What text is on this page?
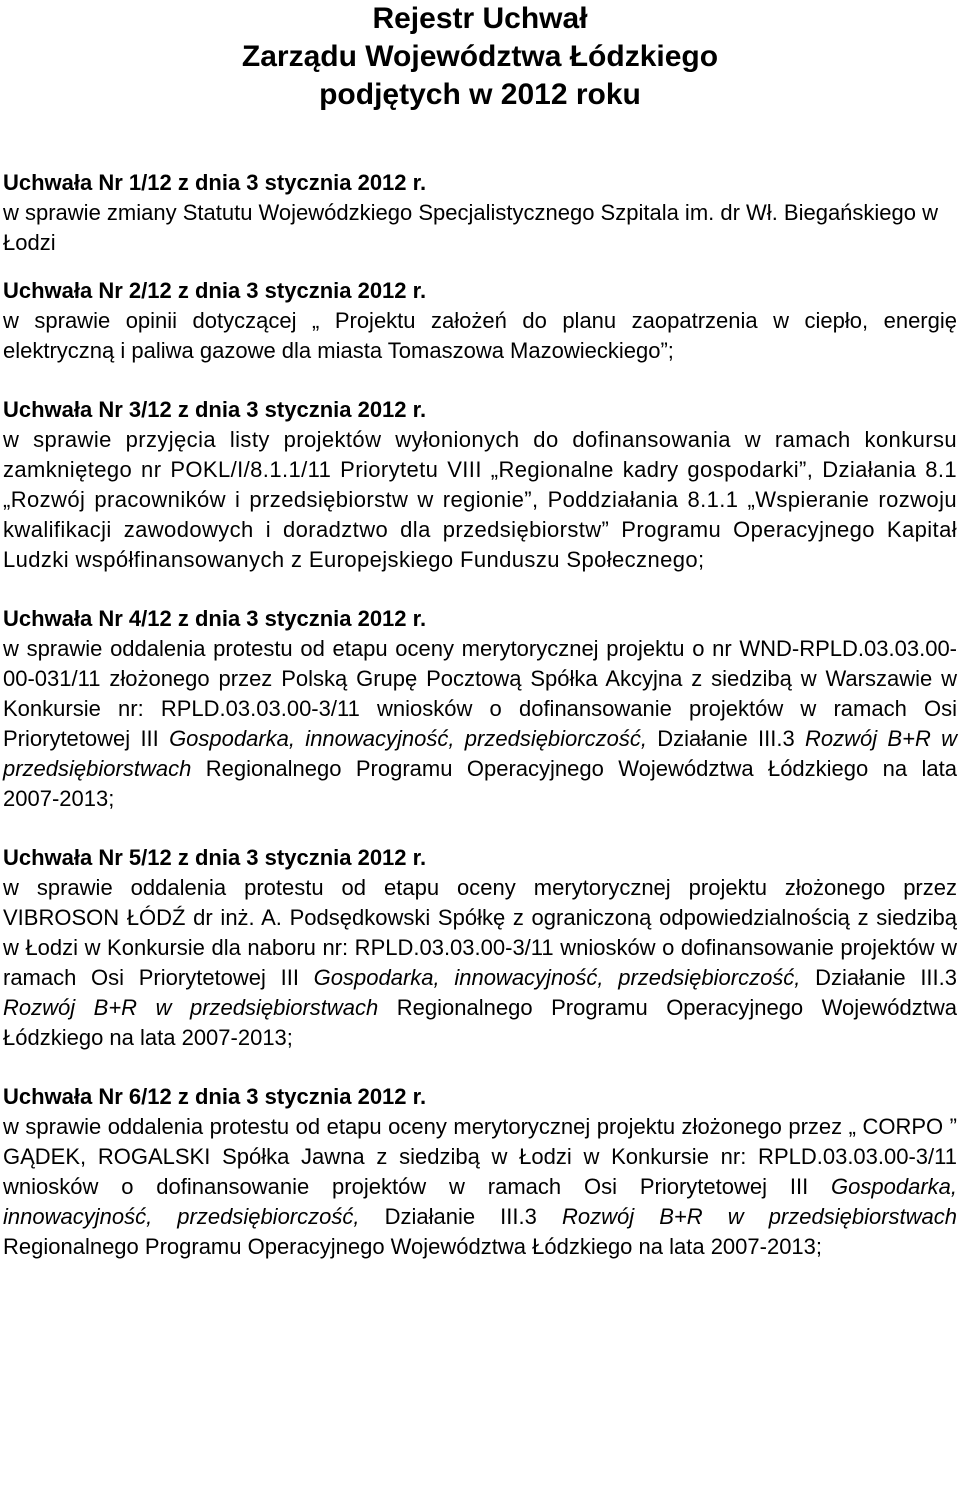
Rejestr Uchwał
Zarządu Województwa Łódzkiego
podjętych w 2012 roku
Uchwała Nr 1/12 z dnia 3 stycznia 2012 r.
w sprawie zmiany Statutu Wojewódzkiego Specjalistycznego Szpitala im. dr Wł. Biegańskiego w Łodzi
Uchwała Nr 2/12 z dnia 3 stycznia 2012 r.
w sprawie opinii dotyczącej „ Projektu założeń do planu zaopatrzenia w ciepło, energię elektryczną i paliwa gazowe dla miasta Tomaszowa Mazowieckiego”;
Uchwała Nr 3/12 z dnia 3 stycznia 2012 r.
w sprawie przyjęcia listy projektów wyłonionych do dofinansowania w ramach konkursu zamkniętego nr POKL/I/8.1.1/11 Priorytetu VIII „Regionalne kadry gospodarki”, Działania 8.1 „Rozwój pracowników i przedsiębiorstw w regionie”, Poddziałania 8.1.1 „Wspieranie rozwoju kwalifikacji zawodowych i doradztwo dla przedsiębiorstw” Programu Operacyjnego Kapitał Ludzki współfinansowanych z Europejskiego Funduszu Społecznego;
Uchwała Nr 4/12 z dnia 3 stycznia 2012 r.
w sprawie oddalenia protestu od etapu oceny merytorycznej projektu o nr WND-RPLD.03.03.00-00-031/11 złożonego przez Polską Grupę Pocztową Spółka Akcyjna z siedzibą w Warszawie w Konkursie nr: RPLD.03.03.00-3/11 wniosków o dofinansowanie projektów w ramach Osi Priorytetowej III Gospodarka, innowacyjność, przedsiębiorczość, Działanie III.3 Rozwój B+R w przedsiębiorstwach Regionalnego Programu Operacyjnego Województwa Łódzkiego na lata 2007-2013;
Uchwała Nr 5/12 z dnia 3 stycznia 2012 r.
w sprawie oddalenia protestu od etapu oceny merytorycznej projektu złożonego przez VIBROSON ŁÓDŹ dr inż. A. Podsędkowski Spółkę z ograniczoną odpowiedzialnością z siedzibą w Łodzi w Konkursie dla naboru nr: RPLD.03.03.00-3/11 wniosków o dofinansowanie projektów w ramach Osi Priorytetowej III Gospodarka, innowacyjność, przedsiębiorczość, Działanie III.3 Rozwój B+R w przedsiębiorstwach Regionalnego Programu Operacyjnego Województwa Łódzkiego na lata 2007-2013;
Uchwała Nr 6/12 z dnia 3 stycznia 2012 r.
w sprawie oddalenia protestu od etapu oceny merytorycznej projektu złożonego przez „ CORPO ” GĄDEK, ROGALSKI Spółka Jawna z siedzibą w Łodzi w Konkursie nr: RPLD.03.03.00-3/11 wniosków o dofinansowanie projektów w ramach Osi Priorytetowej III Gospodarka, innowacyjność, przedsiębiorczość, Działanie III.3 Rozwój B+R w przedsiębiorstwach Regionalnego Programu Operacyjnego Województwa Łódzkiego na lata 2007-2013;
